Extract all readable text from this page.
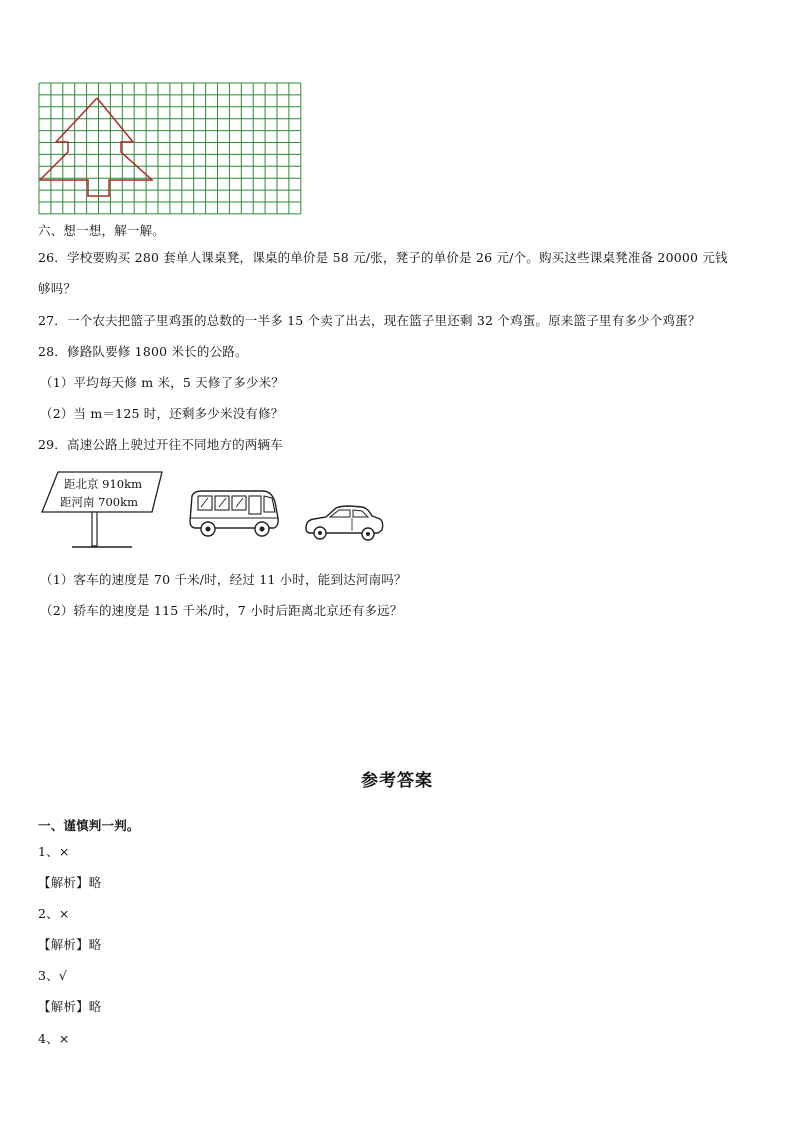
六、想一想，解一解。
26．学校要购买 280 套单人课桌凳，课桌的单价是 58 元/张，凳子的单价是 26 元/个。购买这些课桌凳准备 20000 元钱
够吗？
27．一个农夫把篮子里鸡蛋的总数的一半多 15 个卖了出去，现在篮子里还剩 32 个鸡蛋。原来篮子里有多少个鸡蛋？
28．修路队要修 1800 米长的公路。
（1）平均每天修 m 米，5 天修了多少米？
（2）当 m＝125 时，还剩多少米没有修？
29．高速公路上驶过开往不同地方的两辆车
距北京 910km
距河南 700km
（1）客车的速度是 70 千米/时，经过 11 小时，能到达河南吗？
（2）轿车的速度是 115 千米/时，7 小时后距离北京还有多远？
参考答案
一、谨慎判一判。
1、×
【解析】略
2、×
【解析】略
3、√
【解析】略
4、×
